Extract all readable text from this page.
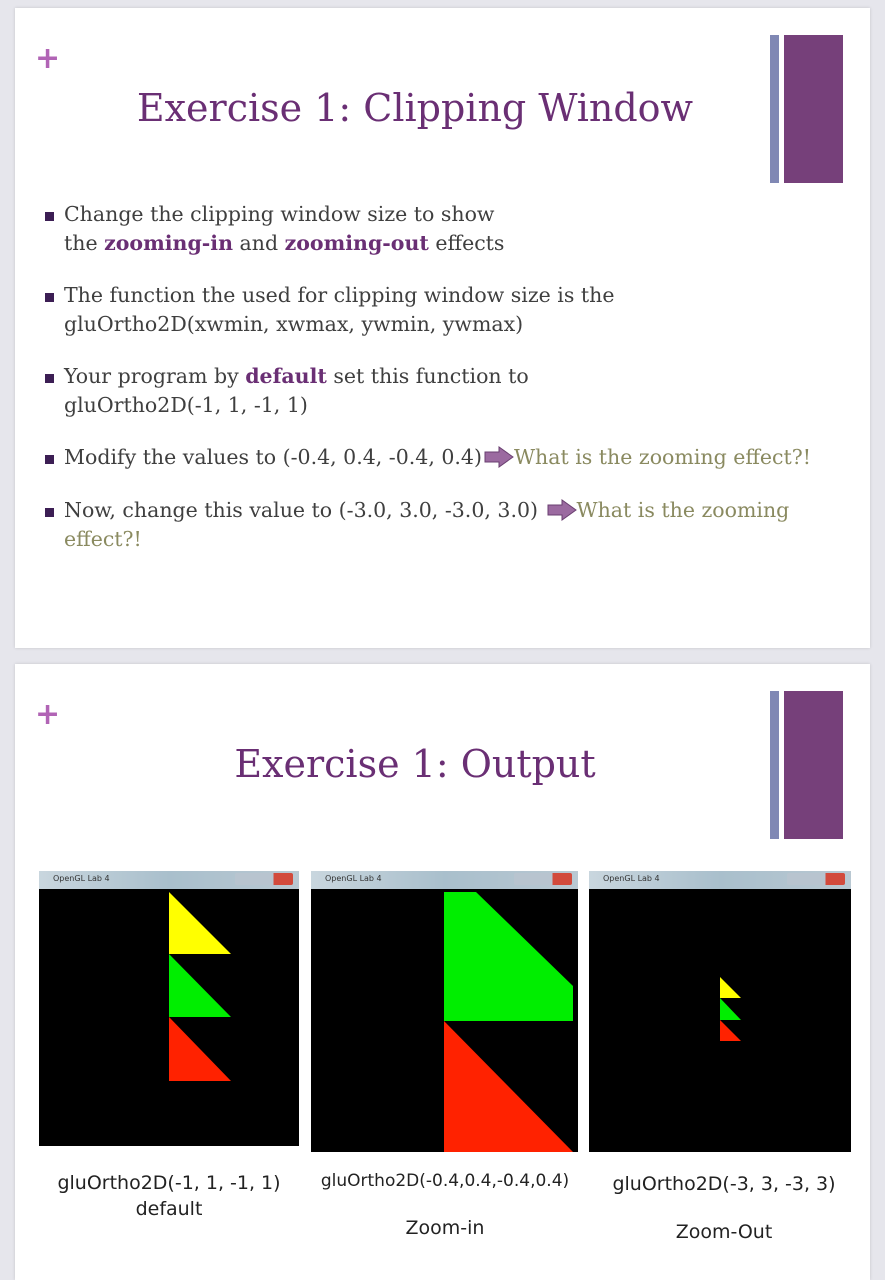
+
Exercise 1: Clipping Window
Change the clipping window size to show
the zooming-in and zooming-out effects
The function the used for clipping window size is the
gluOrtho2D(xwmin, xwmax, ywmin, ywmax)
Your program by default set this function to
gluOrtho2D(-1, 1, -1, 1)
Modify the values to (-0.4, 0.4, -0.4, 0.4) What is the zooming effect?!
Now, change this value to (-3.0, 3.0, -3.0, 3.0) What is the zooming
effect?!
+
Exercise 1: Output
OpenGL Lab 4	OpenGL Lab 4	OpenGL Lab 4
gluOrtho2D(-1, 1, -1, 1)
default
gluOrtho2D(-0.4,0.4,-0.4,0.4)
Zoom-in
gluOrtho2D(-3, 3, -3, 3)
Zoom-Out
